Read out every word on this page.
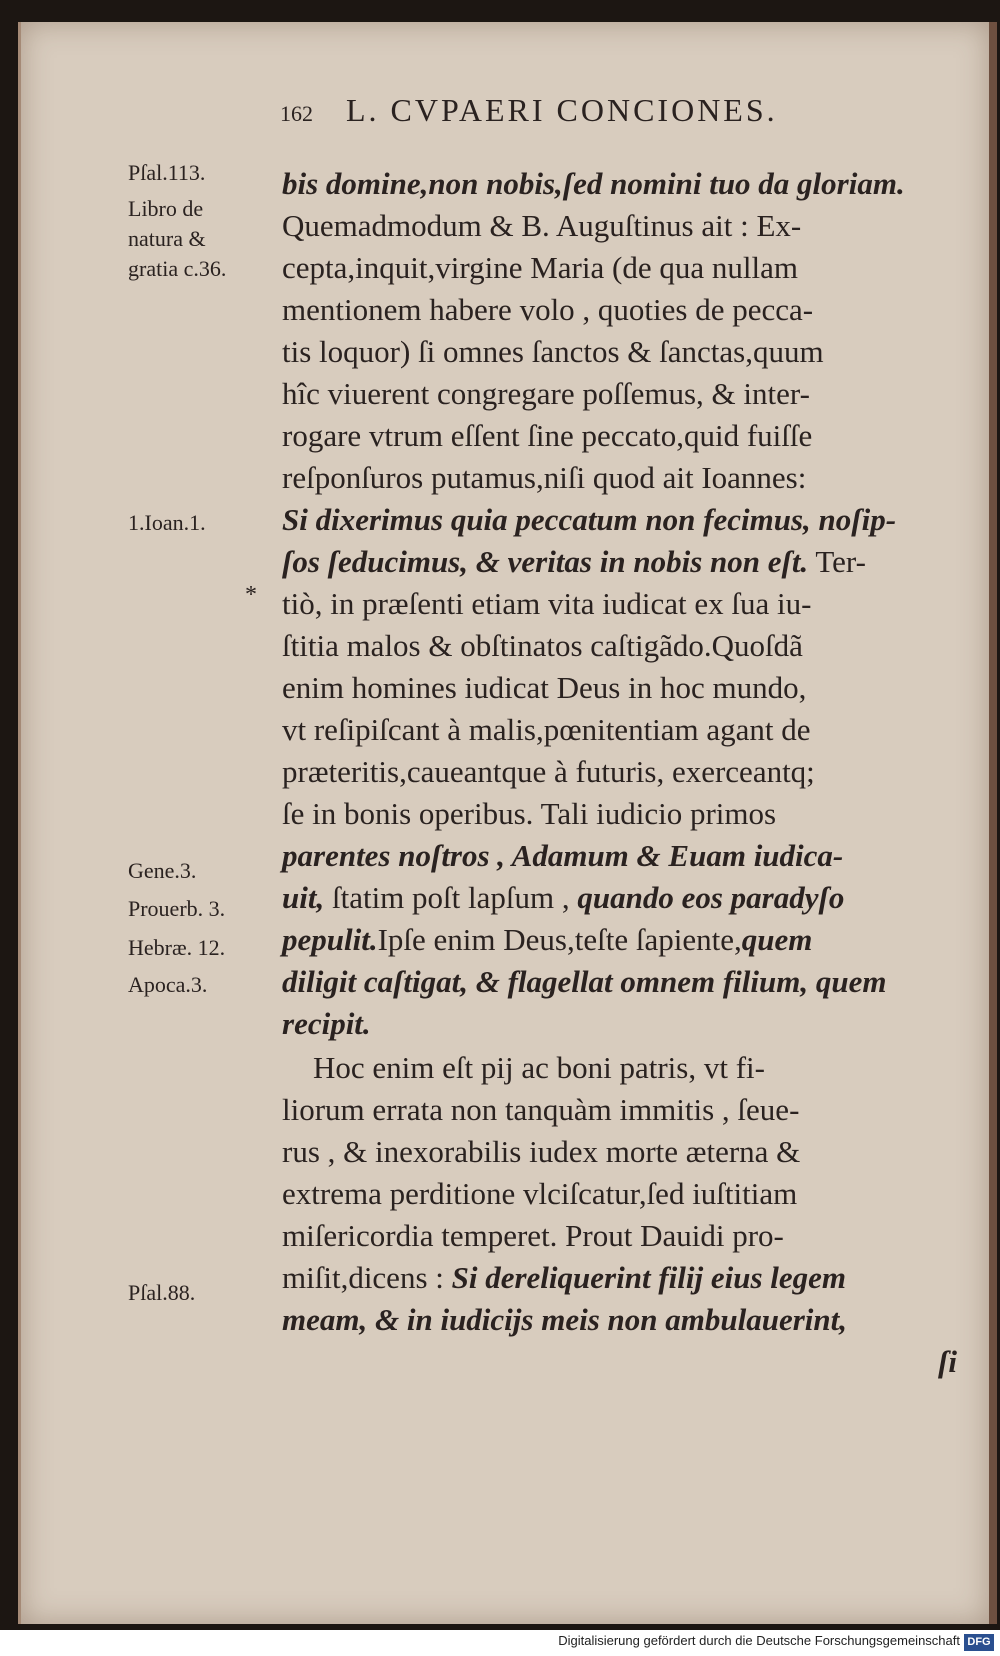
162 L. CVPAERI CONCIONES.
Pſal.113.
Libro de
natura &
gratia c.36.
1.Ioan.1.
Gene.3.
Prouerb. 3.
Hebræ. 12.
Apoca.3.
Pſal.88.
*
bis domine,non nobis,ſed nomini tuo da gloriam.
Quemadmodum & B. Auguſtinus ait : Ex-
cepta,inquit,virgine Maria (de qua nullam
mentionem habere volo , quoties de pecca-
tis loquor) ſi omnes ſanctos & ſanctas,quum
hîc viuerent congregare poſſemus, & inter-
rogare vtrum eſſent ſine peccato,quid fuiſſe
reſponſuros putamus,niſi quod ait Ioannes:
Si dixerimus quia peccatum non fecimus, noſip-
ſos ſeducimus, & veritas in nobis non eſt. Ter-
tiò, in præſenti etiam vita iudicat ex ſua iu-
ſtitia malos & obſtinatos caſtigãdo.Quoſdã
enim homines iudicat Deus in hoc mundo,
vt reſipiſcant à malis,pœnitentiam agant de
præteritis,caueantque à futuris, exerceantq;
ſe in bonis operibus. Tali iudicio primos
parentes noſtros , Adamum & Euam iudica-
uit, ſtatim poſt lapſum , quando eos paradyſo
pepulit.Ipſe enim Deus,teſte ſapiente,quem
diligit caſtigat, & flagellat omnem filium, quem
recipit.
Hoc enim eſt pij ac boni patris, vt fi-
liorum errata non tanquàm immitis , ſeue-
rus , & inexorabilis iudex morte æterna &
extrema perditione vlciſcatur,ſed iuſtitiam
miſericordia temperet. Prout Dauidi pro-
miſit,dicens : Si dereliquerint filij eius legem
meam, & in iudicijs meis non ambulauerint,
ſi
Digitalisierung gefördert durch die Deutsche Forschungsgemeinschaft DFG
